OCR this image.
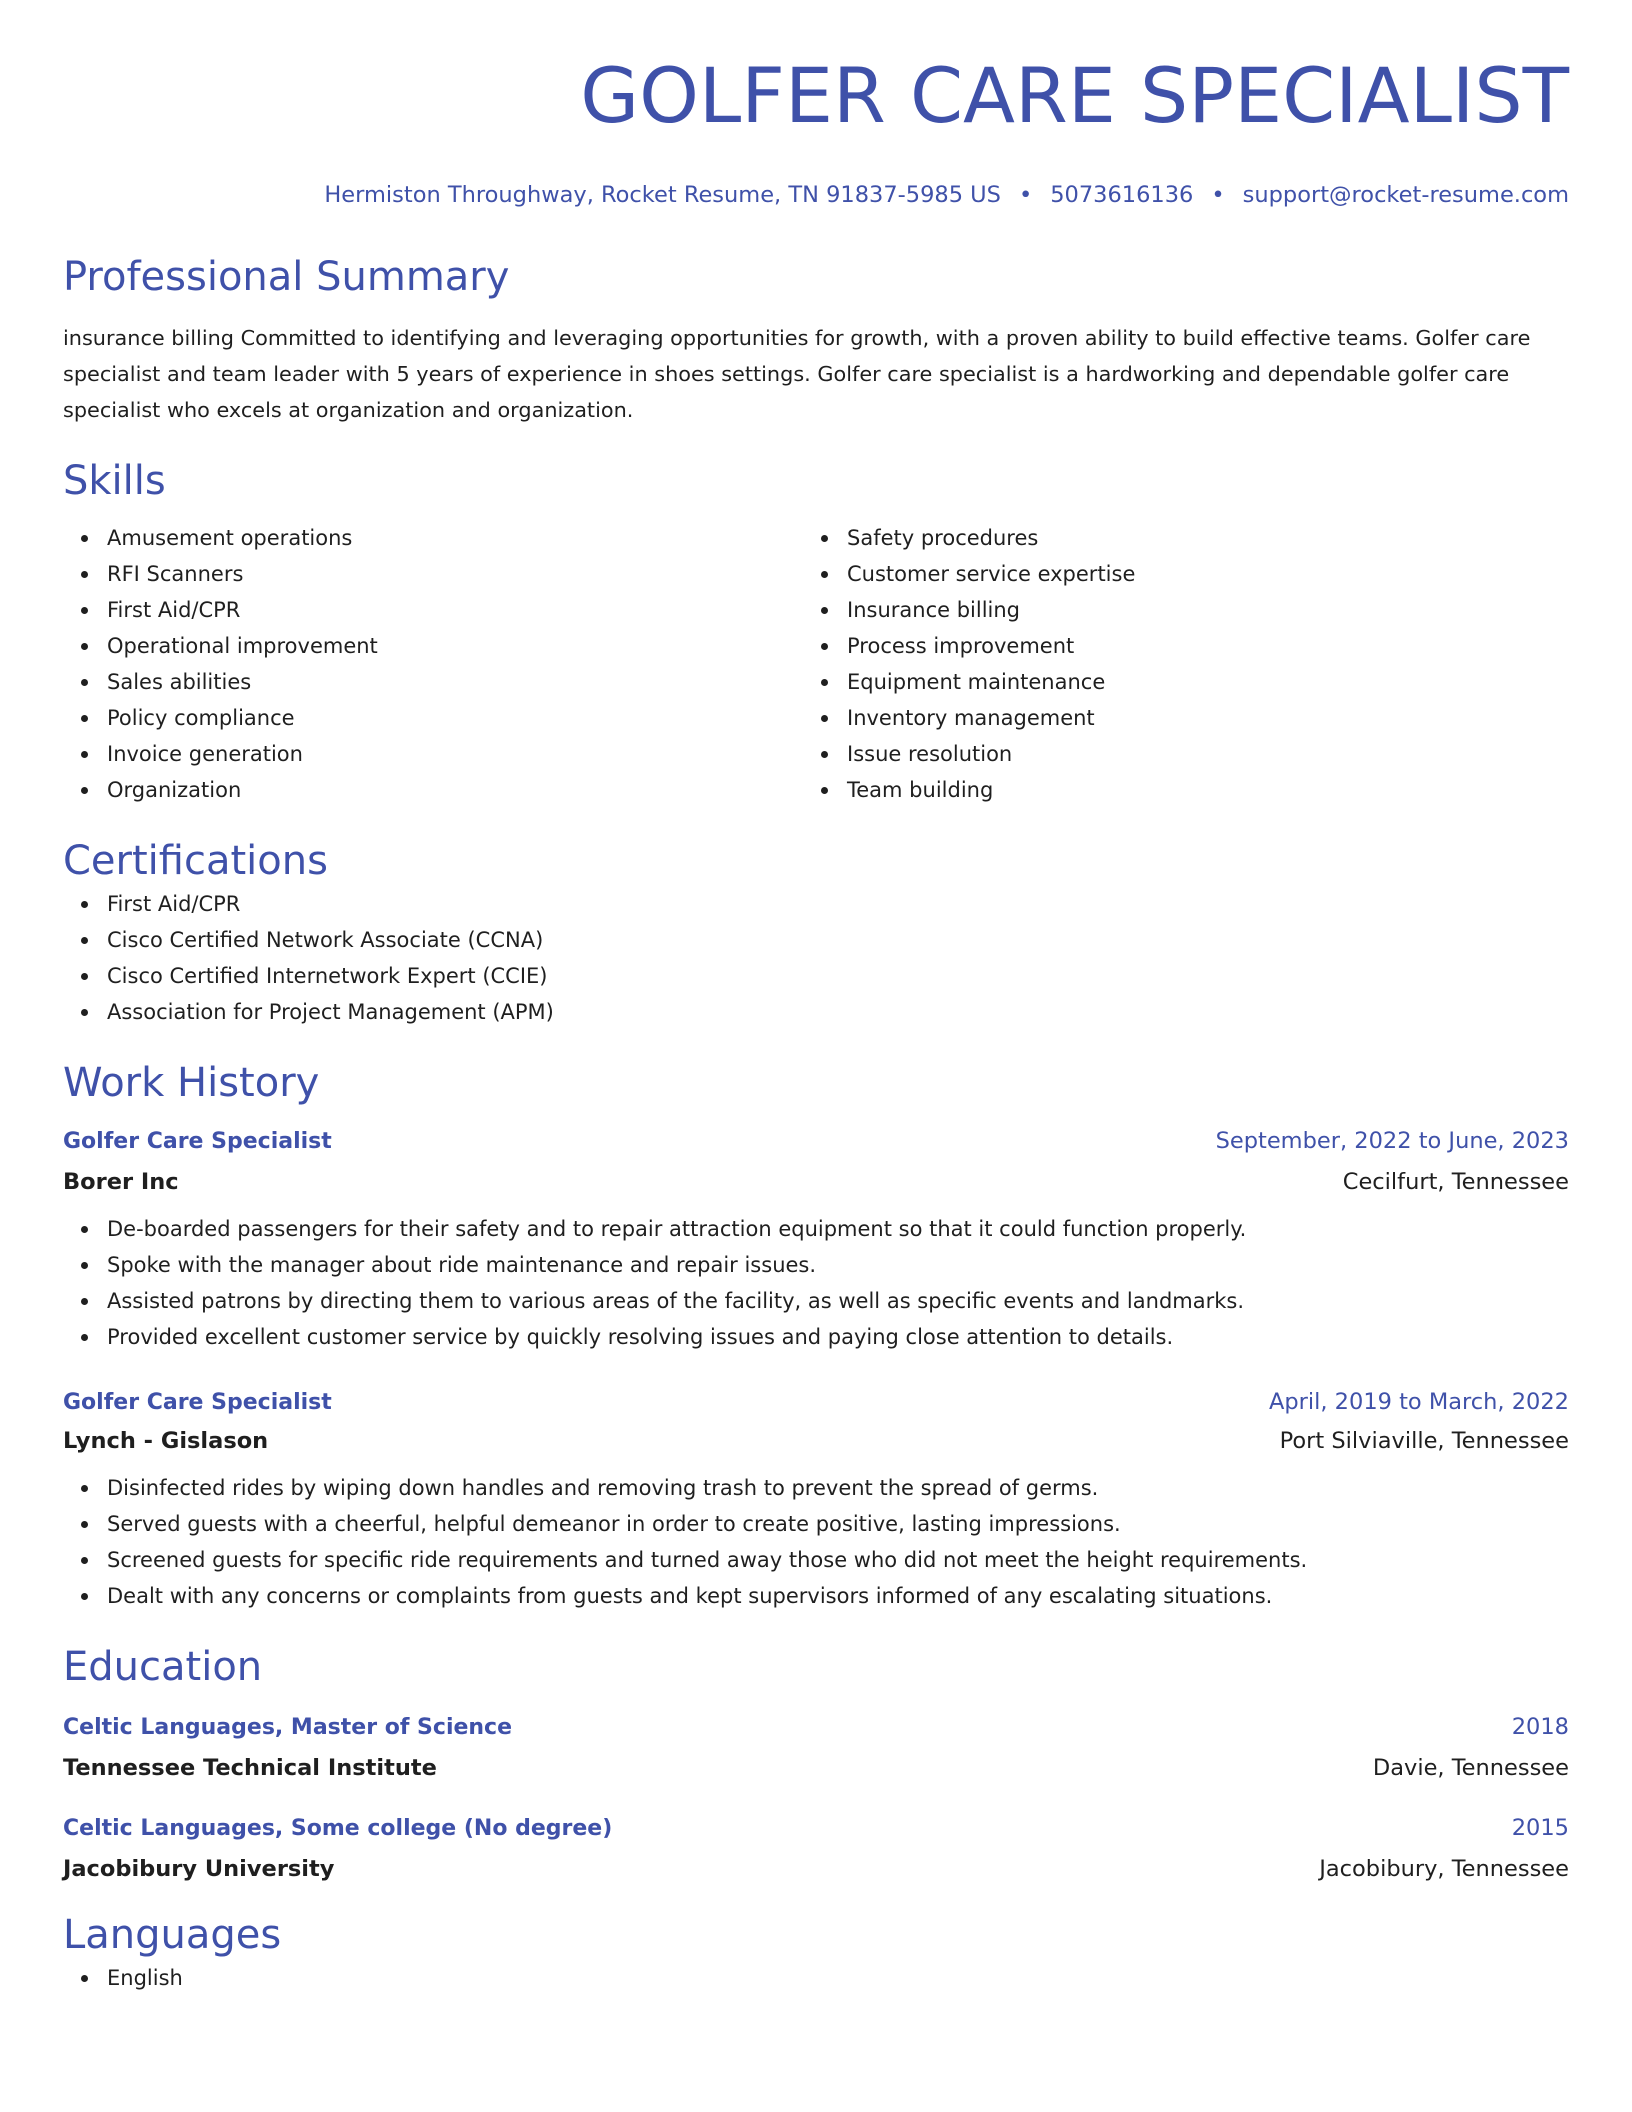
GOLFER CARE SPECIALIST
Hermiston Throughway, Rocket Resume, TN 91837-5985 US • 5073616136 • support@rocket-resume.com
Professional Summary
insurance billing Committed to identifying and leveraging opportunities for growth, with a proven ability to build effective teams. Golfer care specialist and team leader with 5 years of experience in shoes settings. Golfer care specialist is a hardworking and dependable golfer care specialist who excels at organization and organization.
Skills
Amusement operations
RFI Scanners
First Aid/CPR
Operational improvement
Sales abilities
Policy compliance
Invoice generation
Organization
Safety procedures
Customer service expertise
Insurance billing
Process improvement
Equipment maintenance
Inventory management
Issue resolution
Team building
Certifications
First Aid/CPR
Cisco Certified Network Associate (CCNA)
Cisco Certified Internetwork Expert (CCIE)
Association for Project Management (APM)
Work History
Golfer Care Specialist	September, 2022 to June, 2023
Borer Inc	Cecilfurt, Tennessee
De-boarded passengers for their safety and to repair attraction equipment so that it could function properly.
Spoke with the manager about ride maintenance and repair issues.
Assisted patrons by directing them to various areas of the facility, as well as specific events and landmarks.
Provided excellent customer service by quickly resolving issues and paying close attention to details.
Golfer Care Specialist	April, 2019 to March, 2022
Lynch - Gislason	Port Silviaville, Tennessee
Disinfected rides by wiping down handles and removing trash to prevent the spread of germs.
Served guests with a cheerful, helpful demeanor in order to create positive, lasting impressions.
Screened guests for specific ride requirements and turned away those who did not meet the height requirements.
Dealt with any concerns or complaints from guests and kept supervisors informed of any escalating situations.
Education
Celtic Languages, Master of Science	2018
Tennessee Technical Institute	Davie, Tennessee
Celtic Languages, Some college (No degree)	2015
Jacobibury University	Jacobibury, Tennessee
Languages
English
